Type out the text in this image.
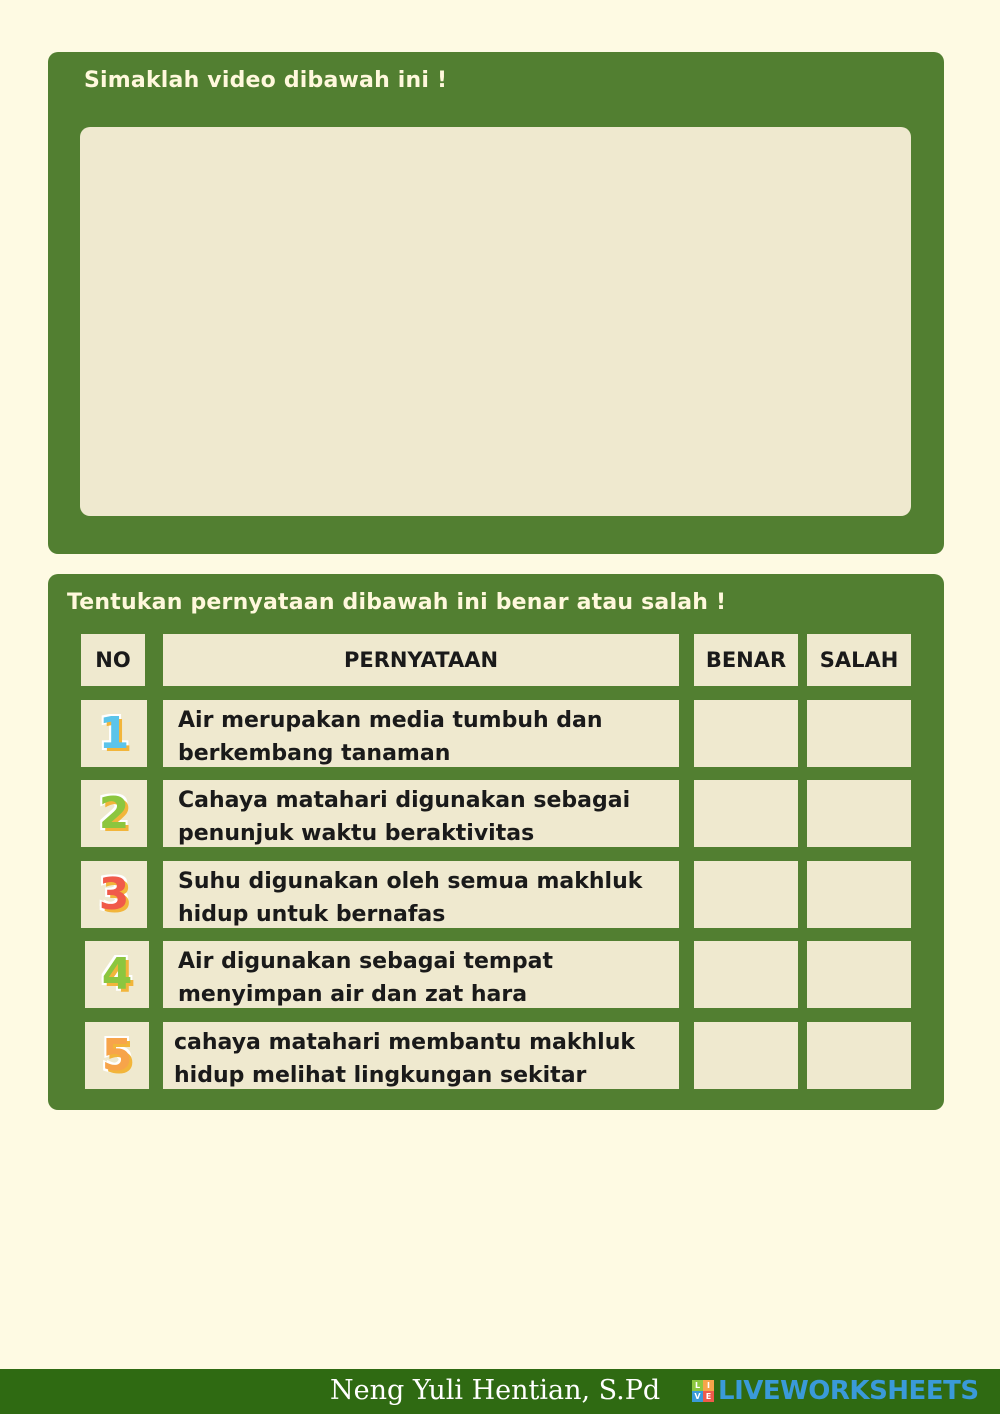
Simaklah video dibawah ini !
Tentukan pernyataan dibawah ini benar atau salah !
NO	PERNYATAAN	BENAR	SALAH
1	Air merupakan media tumbuh dan berkembang tanaman
2	Cahaya matahari digunakan sebagai penunjuk waktu beraktivitas
3	Suhu digunakan oleh semua makhluk hidup untuk bernafas
4	Air digunakan sebagai tempat menyimpan air dan zat hara
5	cahaya matahari membantu makhluk hidup melihat lingkungan sekitar
Neng Yuli Hentian, S.Pd	L I
V E LIVEWORKSHEETS
